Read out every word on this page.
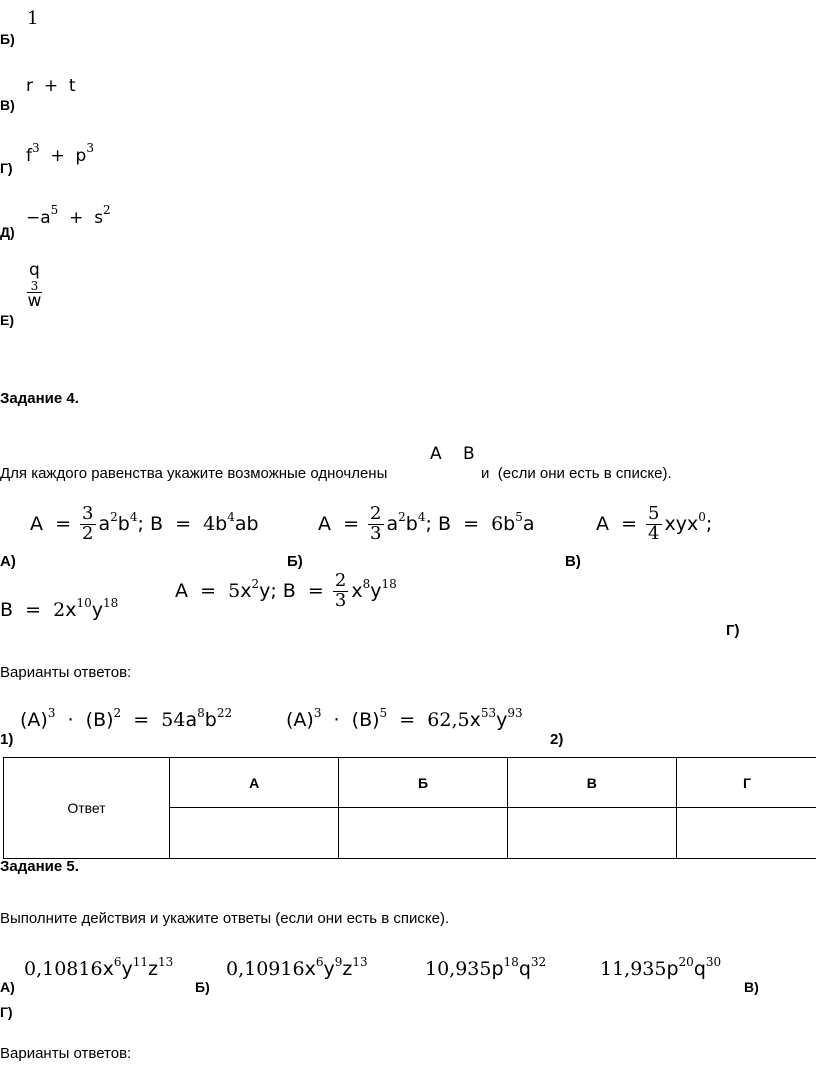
Б)
1
В)
r + t
Г)
$f^3 + p^3$
Д)
$-a^5 + s^2$
Е)
q
3
w
Задание 4.
Для каждого равенства укажите возможные одночлены
A B
и (если они есть в списке).
А)
$A = \frac{3}{2} a^2b^4$; $B = 4b^4ab$
Б)
$A = \frac{2}{3} a^2b^4$; $B = 6b^5a$
В)
$A = \frac{5}{4} xyx^0$;
$B = 2x^{10}y^{18}$
$A = 5x^2y$; $B = \frac{2}{3} x^8y^{18}$
Г)
Варианты ответов:
1)
$(A)^3 \cdot (B)^2 = 54a^8b^{22}$	$(A)^3 \cdot (B)^5 = 62,5x^{53}y^{93}$
2)
Ответ	А	Б	В	Г

Задание 5.
Выполните действия и укажите ответы (если они есть в списке).
А)
$0,10816x^6y^{11}z^{13}$
Б)
$0,10916x^6y^9z^{13}$	$10,935p^{18}q^{32}$	$11,935p^{20}q^{30}$
В)
Г)
Варианты ответов:
